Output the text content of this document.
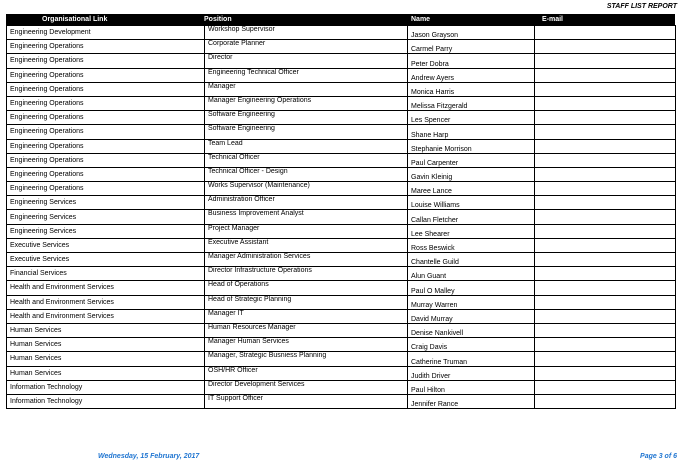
STAFF LIST REPORT
Organisational Link	Position	Name	E-mail
Engineering Development	Workshop Supervisor	Jason Grayson	
Engineering Operations	Corporate Planner	Carmel Parry	
Engineering Operations	Director	Peter Dobra	
Engineering Operations	Engineering Technical Officer	Andrew Ayers	
Engineering Operations	Manager	Monica Harris	
Engineering Operations	Manager Engineering Operations	Melissa Fitzgerald	
Engineering Operations	Software Engineering	Les Spencer	
Engineering Operations	Software Engineering	Shane Harp	
Engineering Operations	Team Lead	Stephanie Morrison	
Engineering Operations	Technical Officer	Paul Carpenter	
Engineering Operations	Technical Officer - Design	Gavin Kleinig	
Engineering Operations	Works Supervisor (Maintenance)	Maree Lance	
Engineering Services	Administration Officer	Louise Williams	
Engineering Services	Business Improvement Analyst	Callan Fletcher	
Engineering Services	Project Manager	Lee Shearer	
Executive Services	Executive Assistant	Ross Beswick	
Executive Services	Manager Administration Services	Chantelle Guild	
Financial Services	Director Infrastructure Operations	Alun Guant	
Health and Environment Services	Head of Operations	Paul O Malley	
Health and Environment Services	Head of Strategic Planning	Murray Warren	
Health and Environment Services	Manager IT	David Murray	
Human Services	Human Resources Manager	Denise Nankivell	
Human Services	Manager Human Services	Craig Davis	
Human Services	Manager, Strategic Busniess Planning	Catherine Truman	
Human Services	OSH/HR Officer	Judith Driver	
Information Technology	Director Development Services	Paul Hilton	
Information Technology	IT Support Officer	Jennifer Rance	
Wednesday, 15 February, 2017	Page 3 of 6
